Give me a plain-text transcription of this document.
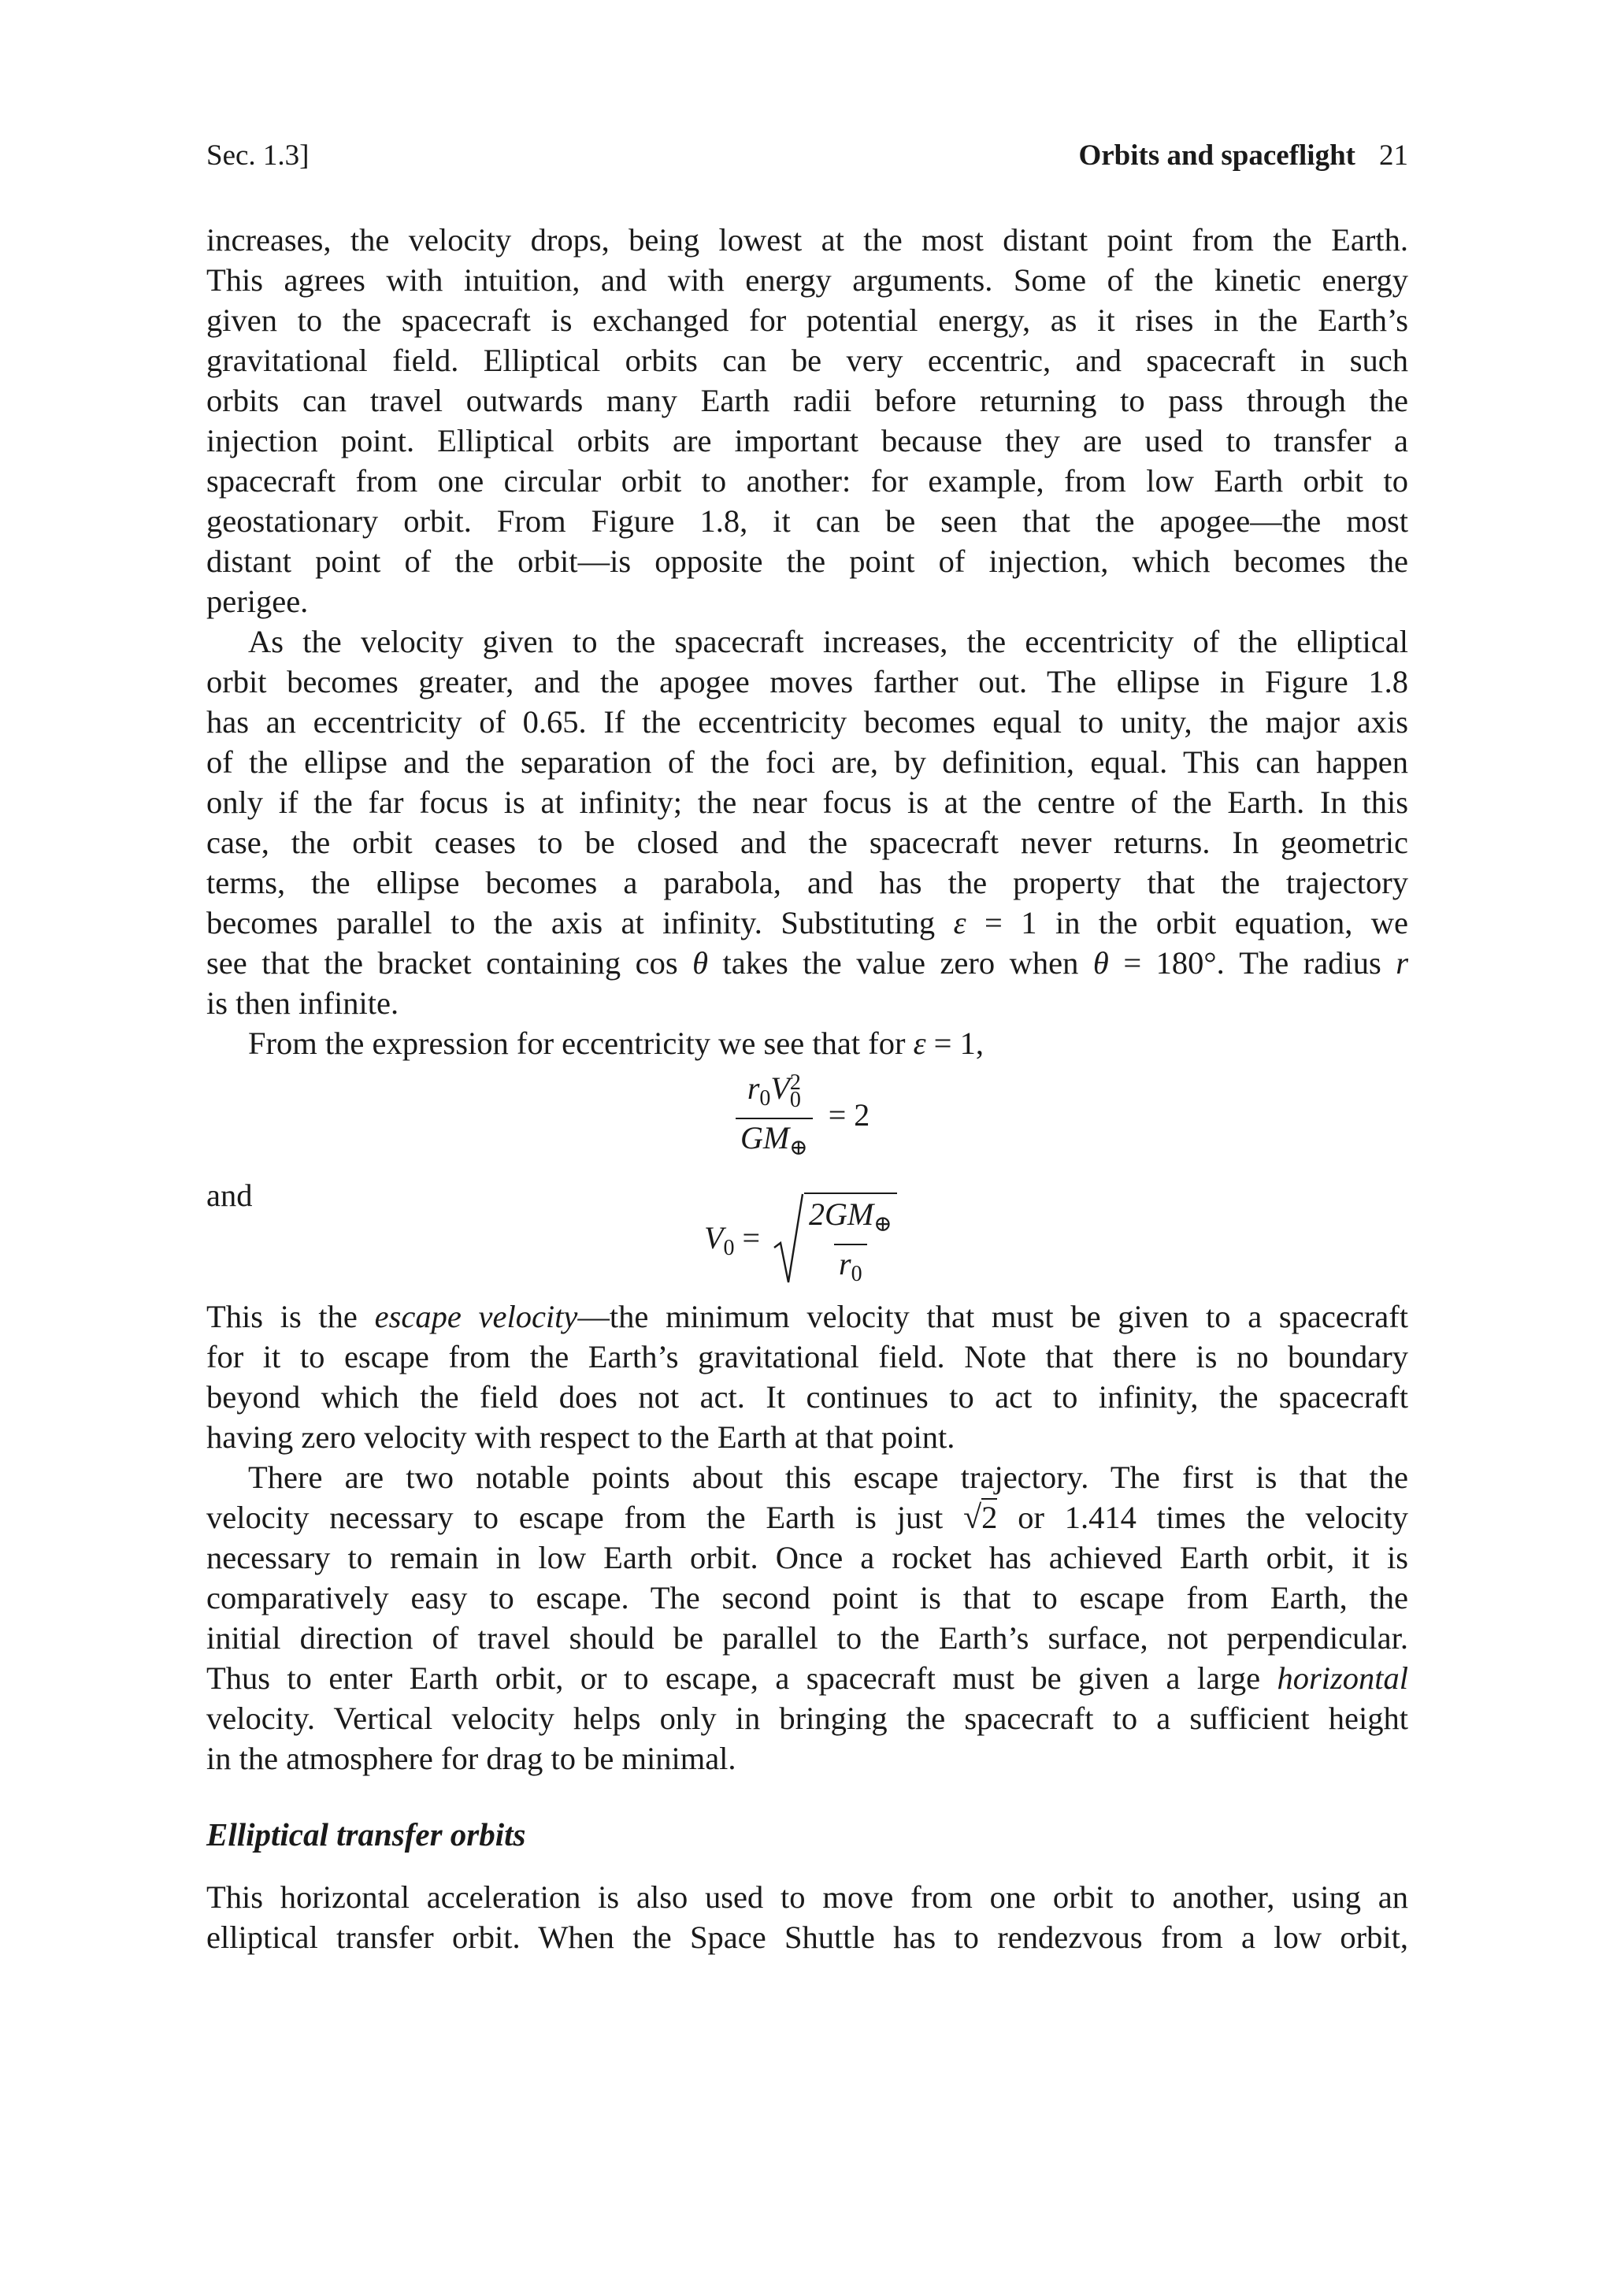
Sec. 1.3]	Orbits and spaceflight 21
increases, the velocity drops, being lowest at the most distant point from the Earth.
This agrees with intuition, and with energy arguments. Some of the kinetic energy
given to the spacecraft is exchanged for potential energy, as it rises in the Earth’s
gravitational field. Elliptical orbits can be very eccentric, and spacecraft in such
orbits can travel outwards many Earth radii before returning to pass through the
injection point. Elliptical orbits are important because they are used to transfer a
spacecraft from one circular orbit to another: for example, from low Earth orbit to
geostationary orbit. From Figure 1.8, it can be seen that the apogee—the most
distant point of the orbit—is opposite the point of injection, which becomes the
perigee.
As the velocity given to the spacecraft increases, the eccentricity of the elliptical
orbit becomes greater, and the apogee moves farther out. The ellipse in Figure 1.8
has an eccentricity of 0.65. If the eccentricity becomes equal to unity, the major axis
of the ellipse and the separation of the foci are, by definition, equal. This can happen
only if the far focus is at infinity; the near focus is at the centre of the Earth. In this
case, the orbit ceases to be closed and the spacecraft never returns. In geometric
terms, the ellipse becomes a parabola, and has the property that the trajectory
becomes parallel to the axis at infinity. Substituting ε = 1 in the orbit equation, we
see that the bracket containing cos θ takes the value zero when θ = 180°. The radius r
is then infinite.
From the expression for eccentricity we see that for ε = 1,
$r_0V$ 2
0
$GM_\oplus = 2$
and
$V_0 = \frac{2GM_\oplus}{r_0}$
This is the escape velocity—the minimum velocity that must be given to a spacecraft
for it to escape from the Earth’s gravitational field. Note that there is no boundary
beyond which the field does not act. It continues to act to infinity, the spacecraft
having zero velocity with respect to the Earth at that point.
There are two notable points about this escape trajectory. The first is that the
velocity necessary to escape from the Earth is just √2 or 1.414 times the velocity
necessary to remain in low Earth orbit. Once a rocket has achieved Earth orbit, it is
comparatively easy to escape. The second point is that to escape from Earth, the
initial direction of travel should be parallel to the Earth’s surface, not perpendicular.
Thus to enter Earth orbit, or to escape, a spacecraft must be given a large horizontal
velocity. Vertical velocity helps only in bringing the spacecraft to a sufficient height
in the atmosphere for drag to be minimal.
Elliptical transfer orbits
This horizontal acceleration is also used to move from one orbit to another, using an
elliptical transfer orbit. When the Space Shuttle has to rendezvous from a low orbit,
